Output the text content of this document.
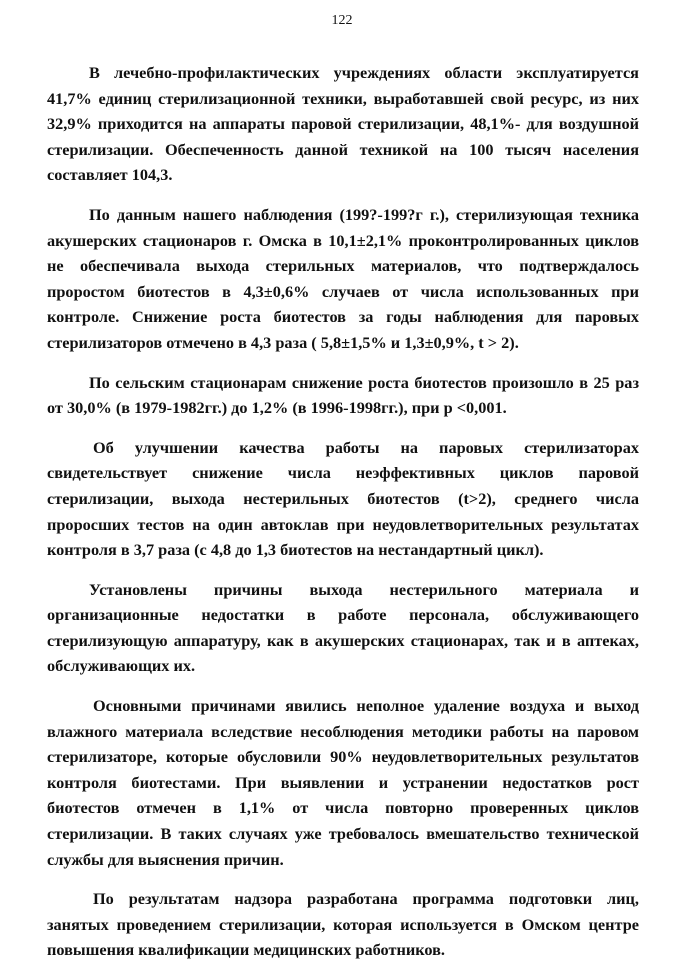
122

В лечебно-профилактических учреждениях области эксплуатируется 41,7% единиц стерилизационной техники, выработавшей свой ресурс, из них 32,9% приходится на аппараты паровой стерилизации, 48,1%- для воздушной стерилизации. Обеспеченность данной техникой на 100 тысяч населения составляет 104,3.

По данным нашего наблюдения (199?-199?г г.), стерилизующая техника акушерских стационаров г. Омска в 10,1±2,1% проконтролированных циклов не обеспечивала выхода стерильных материалов, что подтверждалось проростом биотестов в 4,3±0,6% случаев от числа использованных при контроле. Снижение роста биотестов за годы наблюдения для паровых стерилизаторов отмечено в 4,3 раза ( 5,8±1,5% и 1,3±0,9%, t > 2).

По сельским стационарам снижение роста биотестов произошло в 25 раз от 30,0% (в 1979-1982гг.) до 1,2% (в 1996-1998гг.), при p <0,001.

Об улучшении качества работы на паровых стерилизаторах свидетельствует снижение числа неэффективных циклов паровой стерилизации, выхода нестерильных биотестов (t>2), среднего числа проросших тестов на один автоклав при неудовлетворительных результатах контроля в 3,7 раза (с 4,8 до 1,3 биотестов на нестандартный цикл).

Установлены причины выхода нестерильного материала и организационные недостатки в работе персонала, обслуживающего стерилизующую аппаратуру, как в акушерских стационарах, так и в аптеках, обслуживающих их.

Основными причинами явились неполное удаление воздуха и выход влажного материала вследствие несоблюдения методики работы на паровом стерилизаторе, которые обусловили 90% неудовлетворительных результатов контроля биотестами. При выявлении и устранении недостатков рост биотестов отмечен в 1,1% от числа повторно проверенных циклов стерилизации. В таких случаях уже требовалось вмешательство технической службы для выяснения причин.

По результатам надзора разработана программа подготовки лиц, занятых проведением стерилизации, которая используется в Омском центре повышения квалификации медицинских работников.
